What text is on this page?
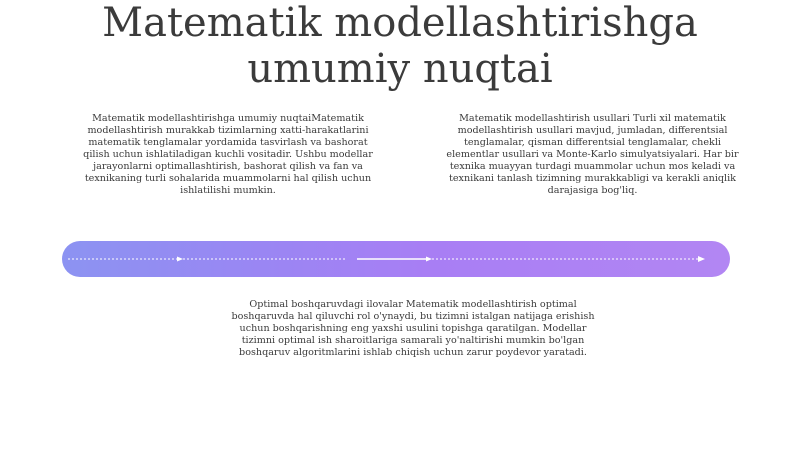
Matematik modellashtirishga umumiy nuqtai
Matematik modellashtirishga umumiy nuqtaiMatematik modellashtirish murakkab tizimlarning xatti-harakatlarini matematik tenglamalar yordamida tasvirlash va bashorat qilish uchun ishlatiladigan kuchli vositadir. Ushbu modellar jarayonlarni optimallashtirish, bashorat qilish va fan va texnikaning turli sohalarida muammolarni hal qilish uchun ishlatilishi mumkin.
Matematik modellashtirish usullari Turli xil matematik modellashtirish usullari mavjud, jumladan, differentsial tenglamalar, qisman differentsial tenglamalar, chekli elementlar usullari va Monte-Karlo simulyatsiyalari. Har bir texnika muayyan turdagi muammolar uchun mos keladi va texnikani tanlash tizimning murakkabligi va kerakli aniqlik darajasiga bog'liq.
Optimal boshqaruvdagi ilovalar Matematik modellashtirish optimal boshqaruvda hal qiluvchi rol o'ynaydi, bu tizimni istalgan natijaga erishish uchun boshqarishning eng yaxshi usulini topishga qaratilgan. Modellar tizimni optimal ish sharoitlariga samarali yo'naltirishi mumkin bo'lgan boshqaruv algoritmlarini ishlab chiqish uchun zarur poydevor yaratadi.
